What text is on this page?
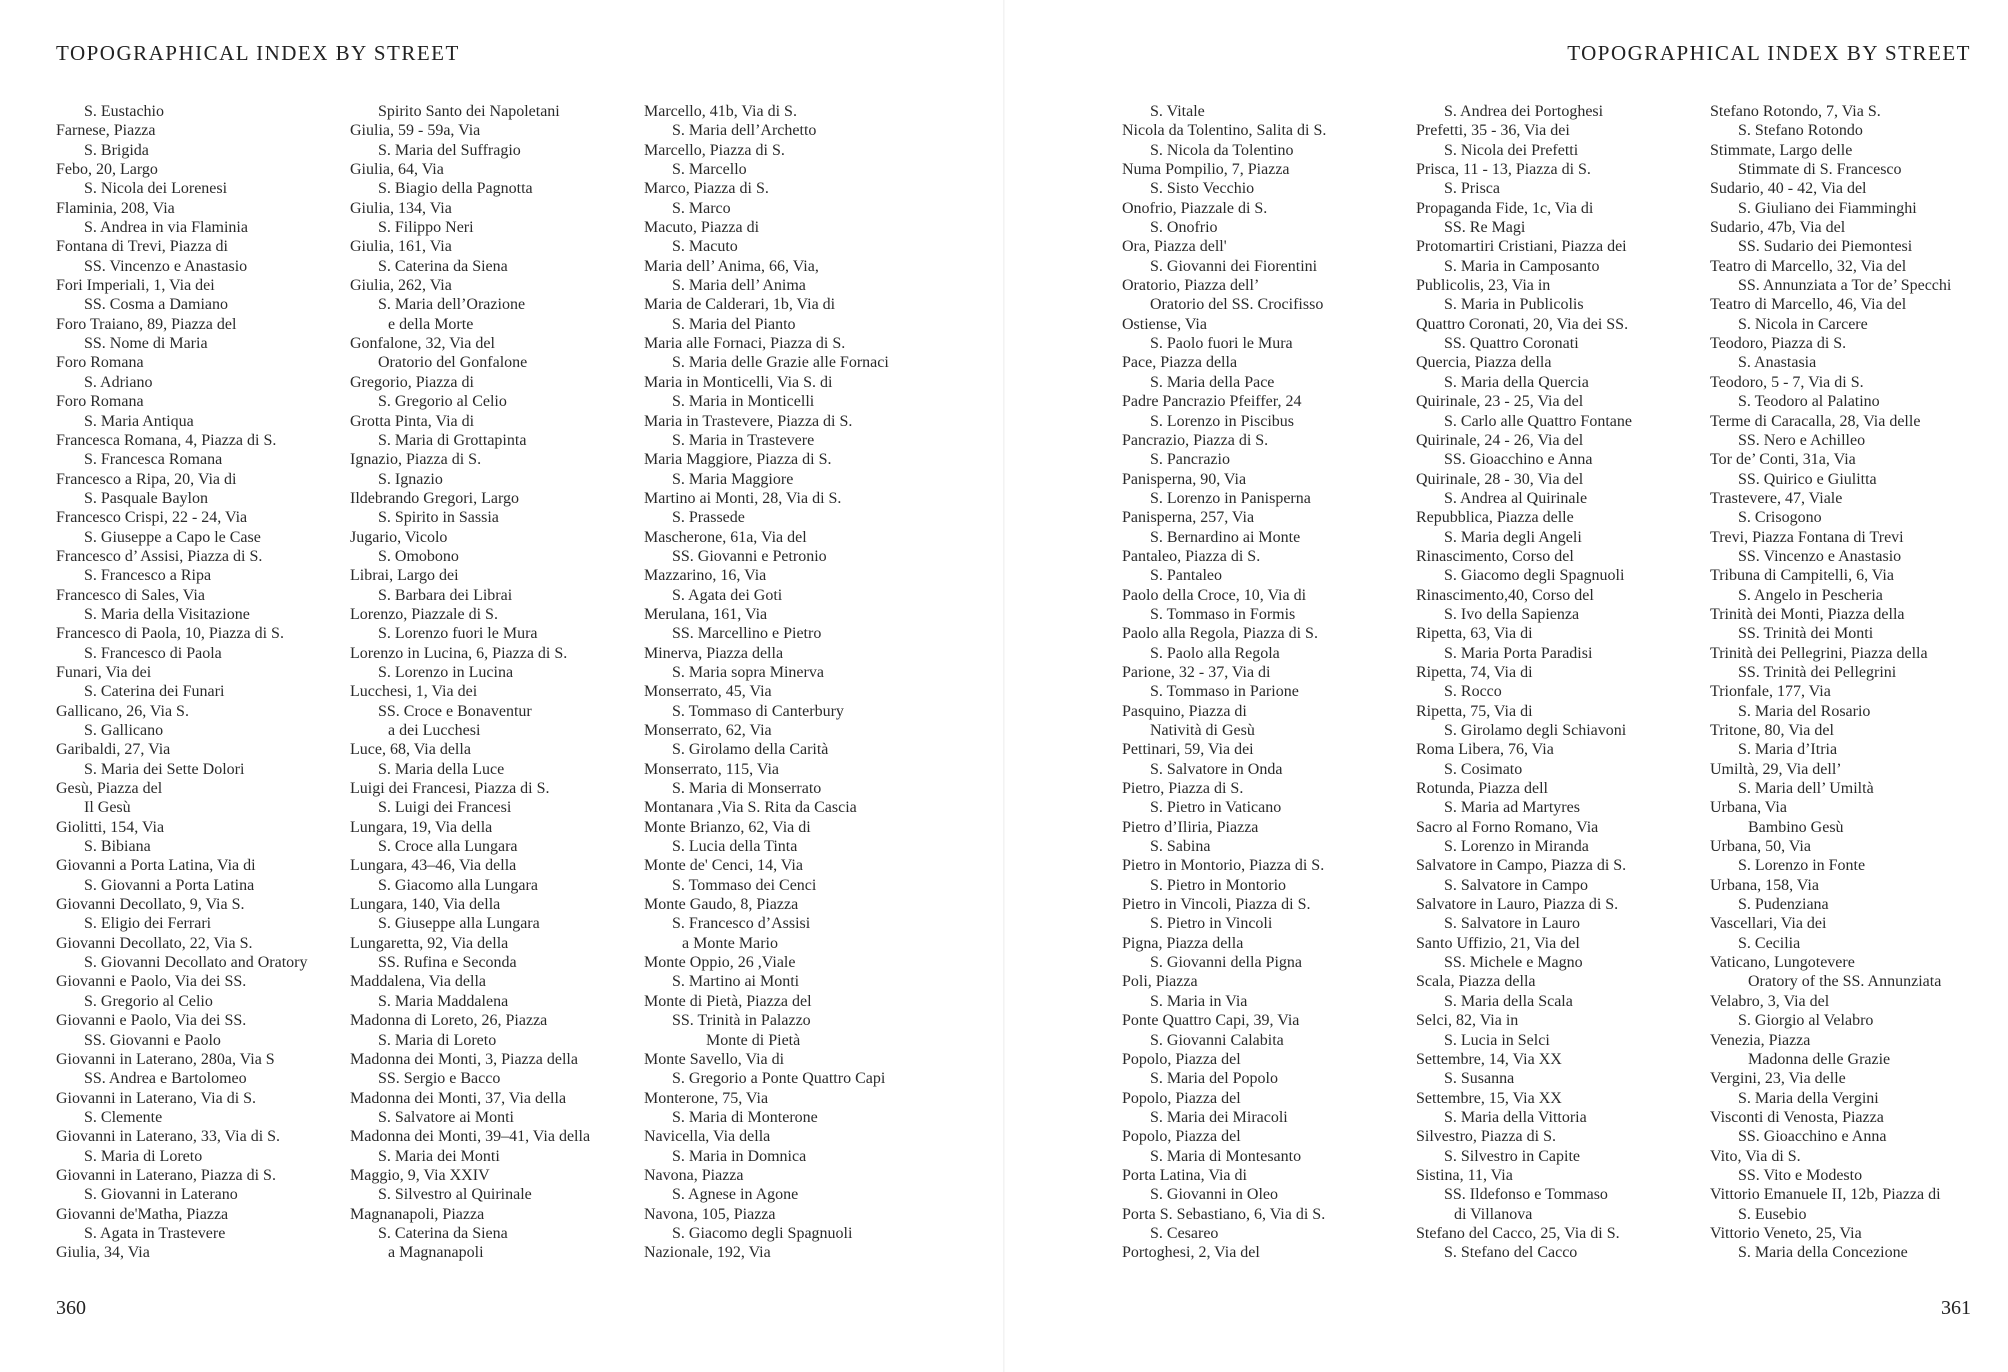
TOPOGRAPHICAL INDEX BY STREET
S. Eustachio
Farnese, Piazza
S. Brigida
Febo, 20, Largo
S. Nicola dei Lorenesi
Flaminia, 208, Via
S. Andrea in via Flaminia
Fontana di Trevi, Piazza di
SS. Vincenzo e Anastasio
Fori Imperiali, 1, Via dei
SS. Cosma a Damiano
Foro Traiano, 89, Piazza del
SS. Nome di Maria
Foro Romana
S. Adriano
Foro Romana
S. Maria Antiqua
Francesca Romana, 4, Piazza di S.
S. Francesca Romana
Francesco a Ripa, 20, Via di
S. Pasquale Baylon
Francesco Crispi, 22 - 24, Via
S. Giuseppe a Capo le Case
Francesco d’ Assisi, Piazza di S.
S. Francesco a Ripa
Francesco di Sales, Via
S. Maria della Visitazione
Francesco di Paola, 10, Piazza di S.
S. Francesco di Paola
Funari, Via dei
S. Caterina dei Funari
Gallicano, 26, Via S.
S. Gallicano
Garibaldi, 27, Via
S. Maria dei Sette Dolori
Gesù, Piazza del
Il Gesù
Giolitti, 154, Via
S. Bibiana
Giovanni a Porta Latina, Via di
S. Giovanni a Porta Latina
Giovanni Decollato, 9, Via S.
S. Eligio dei Ferrari
Giovanni Decollato, 22, Via S.
S. Giovanni Decollato and Oratory
Giovanni e Paolo, Via dei SS.
S. Gregorio al Celio
Giovanni e Paolo, Via dei SS.
SS. Giovanni e Paolo
Giovanni in Laterano, 280a, Via S
SS. Andrea e Bartolomeo
Giovanni in Laterano, Via di S.
S. Clemente
Giovanni in Laterano, 33, Via di S.
S. Maria di Loreto
Giovanni in Laterano, Piazza di S.
S. Giovanni in Laterano
Giovanni de'Matha, Piazza
S. Agata in Trastevere
Giulia, 34, Via
Spirito Santo dei Napoletani
Giulia, 59 - 59a, Via
S. Maria del Suffragio
Giulia, 64, Via
S. Biagio della Pagnotta
Giulia, 134, Via
S. Filippo Neri
Giulia, 161, Via
S. Caterina da Siena
Giulia, 262, Via
S. Maria dell’Orazione
e della Morte
Gonfalone, 32, Via del
Oratorio del Gonfalone
Gregorio, Piazza di
S. Gregorio al Celio
Grotta Pinta, Via di
S. Maria di Grottapinta
Ignazio, Piazza di S.
S. Ignazio
Ildebrando Gregori, Largo
S. Spirito in Sassia
Jugario, Vicolo
S. Omobono
Librai, Largo dei
S. Barbara dei Librai
Lorenzo, Piazzale di S.
S. Lorenzo fuori le Mura
Lorenzo in Lucina, 6, Piazza di S.
S. Lorenzo in Lucina
Lucchesi, 1, Via dei
SS. Croce e Bonaventur
a dei Lucchesi
Luce, 68, Via della
S. Maria della Luce
Luigi dei Francesi, Piazza di S.
S. Luigi dei Francesi
Lungara, 19, Via della
S. Croce alla Lungara
Lungara, 43–46, Via della
S. Giacomo alla Lungara
Lungara, 140, Via della
S. Giuseppe alla Lungara
Lungaretta, 92, Via della
SS. Rufina e Seconda
Maddalena, Via della
S. Maria Maddalena
Madonna di Loreto, 26, Piazza
S. Maria di Loreto
Madonna dei Monti, 3, Piazza della
SS. Sergio e Bacco
Madonna dei Monti, 37, Via della
S. Salvatore ai Monti
Madonna dei Monti, 39–41, Via della
S. Maria dei Monti
Maggio, 9, Via XXIV
S. Silvestro al Quirinale
Magnanapoli, Piazza
S. Caterina da Siena
a Magnanapoli
Marcello, 41b, Via di S.
S. Maria dell’Archetto
Marcello, Piazza di S.
S. Marcello
Marco, Piazza di S.
S. Marco
Macuto, Piazza di
S. Macuto
Maria dell’ Anima, 66, Via,
S. Maria dell’ Anima
Maria de Calderari, 1b, Via di
S. Maria del Pianto
Maria alle Fornaci, Piazza di S.
S. Maria delle Grazie alle Fornaci
Maria in Monticelli, Via S. di
S. Maria in Monticelli
Maria in Trastevere, Piazza di S.
S. Maria in Trastevere
Maria Maggiore, Piazza di S.
S. Maria Maggiore
Martino ai Monti, 28, Via di S.
S. Prassede
Mascherone, 61a, Via del
SS. Giovanni e Petronio
Mazzarino, 16, Via
S. Agata dei Goti
Merulana, 161, Via
SS. Marcellino e Pietro
Minerva, Piazza della
S. Maria sopra Minerva
Monserrato, 45, Via
S. Tommaso di Canterbury
Monserrato, 62, Via
S. Girolamo della Carità
Monserrato, 115, Via
S. Maria di Monserrato
Montanara ,Via S. Rita da Cascia
Monte Brianzo, 62, Via di
S. Lucia della Tinta
Monte de' Cenci, 14, Via
S. Tommaso dei Cenci
Monte Gaudo, 8, Piazza
S. Francesco d’Assisi
a Monte Mario
Monte Oppio, 26 ,Viale
S. Martino ai Monti
Monte di Pietà, Piazza del
SS. Trinità in Palazzo
Monte di Pietà
Monte Savello, Via di
S. Gregorio a Ponte Quattro Capi
Monterone, 75, Via
S. Maria di Monterone
Navicella, Via della
S. Maria in Domnica
Navona, Piazza
S. Agnese in Agone
Navona, 105, Piazza
S. Giacomo degli Spagnuoli
Nazionale, 192, Via
360
TOPOGRAPHICAL INDEX BY STREET
S. Vitale
Nicola da Tolentino, Salita di S.
S. Nicola da Tolentino
Numa Pompilio, 7, Piazza
S. Sisto Vecchio
Onofrio, Piazzale di S.
S. Onofrio
Ora, Piazza dell'
S. Giovanni dei Fiorentini
Oratorio, Piazza dell’
Oratorio del SS. Crocifisso
Ostiense, Via
S. Paolo fuori le Mura
Pace, Piazza della
S. Maria della Pace
Padre Pancrazio Pfeiffer, 24
S. Lorenzo in Piscibus
Pancrazio, Piazza di S.
S. Pancrazio
Panisperna, 90, Via
S. Lorenzo in Panisperna
Panisperna, 257, Via
S. Bernardino ai Monte
Pantaleo, Piazza di S.
S. Pantaleo
Paolo della Croce, 10, Via di
S. Tommaso in Formis
Paolo alla Regola, Piazza di S.
S. Paolo alla Regola
Parione, 32 - 37, Via di
S. Tommaso in Parione
Pasquino, Piazza di
Natività di Gesù
Pettinari, 59, Via dei
S. Salvatore in Onda
Pietro, Piazza di S.
S. Pietro in Vaticano
Pietro d’Iliria, Piazza
S. Sabina
Pietro in Montorio, Piazza di S.
S. Pietro in Montorio
Pietro in Vincoli, Piazza di S.
S. Pietro in Vincoli
Pigna, Piazza della
S. Giovanni della Pigna
Poli, Piazza
S. Maria in Via
Ponte Quattro Capi, 39, Via
S. Giovanni Calabita
Popolo, Piazza del
S. Maria del Popolo
Popolo, Piazza del
S. Maria dei Miracoli
Popolo, Piazza del
S. Maria di Montesanto
Porta Latina, Via di
S. Giovanni in Oleo
Porta S. Sebastiano, 6, Via di S.
S. Cesareo
Portoghesi, 2, Via del
S. Andrea dei Portoghesi
Prefetti, 35 - 36, Via dei
S. Nicola dei Prefetti
Prisca, 11 - 13, Piazza di S.
S. Prisca
Propaganda Fide, 1c, Via di
SS. Re Magi
Protomartiri Cristiani, Piazza dei
S. Maria in Camposanto
Publicolis, 23, Via in
S. Maria in Publicolis
Quattro Coronati, 20, Via dei SS.
SS. Quattro Coronati
Quercia, Piazza della
S. Maria della Quercia
Quirinale, 23 - 25, Via del
S. Carlo alle Quattro Fontane
Quirinale, 24 - 26, Via del
SS. Gioacchino e Anna
Quirinale, 28 - 30, Via del
S. Andrea al Quirinale
Repubblica, Piazza delle
S. Maria degli Angeli
Rinascimento, Corso del
S. Giacomo degli Spagnuoli
Rinascimento,40, Corso del
S. Ivo della Sapienza
Ripetta, 63, Via di
S. Maria Porta Paradisi
Ripetta, 74, Via di
S. Rocco
Ripetta, 75, Via di
S. Girolamo degli Schiavoni
Roma Libera, 76, Via
S. Cosimato
Rotunda, Piazza dell
S. Maria ad Martyres
Sacro al Forno Romano, Via
S. Lorenzo in Miranda
Salvatore in Campo, Piazza di S.
S. Salvatore in Campo
Salvatore in Lauro, Piazza di S.
S. Salvatore in Lauro
Santo Uffizio, 21, Via del
SS. Michele e Magno
Scala, Piazza della
S. Maria della Scala
Selci, 82, Via in
S. Lucia in Selci
Settembre, 14, Via XX
S. Susanna
Settembre, 15, Via XX
S. Maria della Vittoria
Silvestro, Piazza di S.
S. Silvestro in Capite
Sistina, 11, Via
SS. Ildefonso e Tommaso
di Villanova
Stefano del Cacco, 25, Via di S.
S. Stefano del Cacco
Stefano Rotondo, 7, Via S.
S. Stefano Rotondo
Stimmate, Largo delle
Stimmate di S. Francesco
Sudario, 40 - 42, Via del
S. Giuliano dei Fiamminghi
Sudario, 47b, Via del
SS. Sudario dei Piemontesi
Teatro di Marcello, 32, Via del
SS. Annunziata a Tor de’ Specchi
Teatro di Marcello, 46, Via del
S. Nicola in Carcere
Teodoro, Piazza di S.
S. Anastasia
Teodoro, 5 - 7, Via di S.
S. Teodoro al Palatino
Terme di Caracalla, 28, Via delle
SS. Nero e Achilleo
Tor de’ Conti, 31a, Via
SS. Quirico e Giulitta
Trastevere, 47, Viale
S. Crisogono
Trevi, Piazza Fontana di Trevi
SS. Vincenzo e Anastasio
Tribuna di Campitelli, 6, Via
S. Angelo in Pescheria
Trinità dei Monti, Piazza della
SS. Trinità dei Monti
Trinità dei Pellegrini, Piazza della
SS. Trinità dei Pellegrini
Trionfale, 177, Via
S. Maria del Rosario
Tritone, 80, Via del
S. Maria d’Itria
Umiltà, 29, Via dell’
S. Maria dell’ Umiltà
Urbana, Via
Bambino Gesù
Urbana, 50, Via
S. Lorenzo in Fonte
Urbana, 158, Via
S. Pudenziana
Vascellari, Via dei
S. Cecilia
Vaticano, Lungotevere
Oratory of the SS. Annunziata
Velabro, 3, Via del
S. Giorgio al Velabro
Venezia, Piazza
Madonna delle Grazie
Vergini, 23, Via delle
S. Maria della Vergini
Visconti di Venosta, Piazza
SS. Gioacchino e Anna
Vito, Via di S.
SS. Vito e Modesto
Vittorio Emanuele II, 12b, Piazza di
S. Eusebio
Vittorio Veneto, 25, Via
S. Maria della Concezione
361
